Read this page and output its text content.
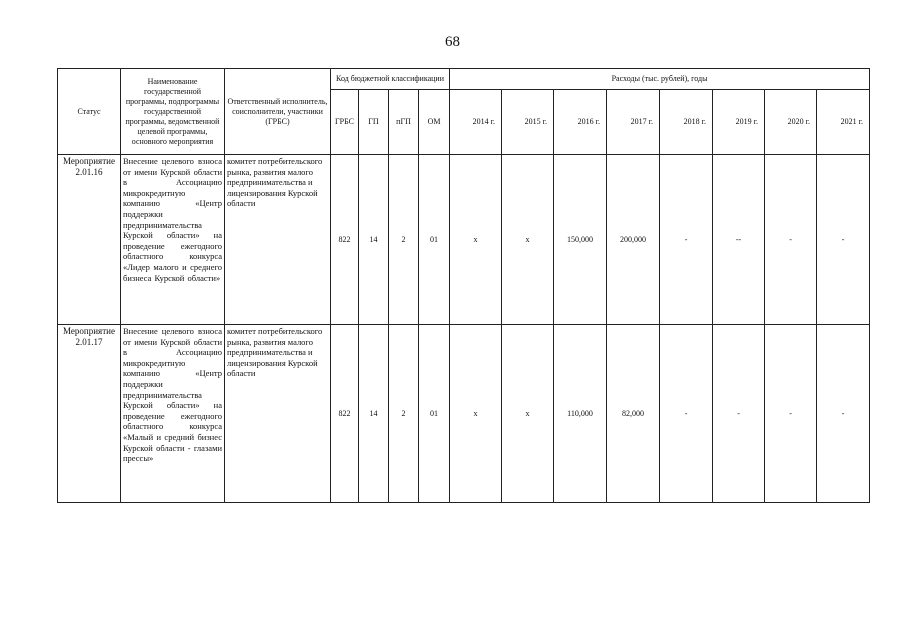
68
Статус	Наименование государственной программы, подпрограммы государственной программы, ведомственной целевой программы, основного мероприятия	Ответственный исполнитель, соисполнители, участники (ГРБС)	Код бюджетной классификации				Расходы (тыс. рублей), годы							
			ГРБС	ГП	пГП	ОМ	2014 г.	2015 г.	2016 г.	2017 г.	2018 г.	2019 г.	2020 г.	2021 г.
Мероприятие 2.01.16	Внесение целевого взноса от имени Курской области в Ассоциацию микрокредитную компанию «Центр поддержки предпринимательства Курской области» на проведение ежегодного областного конкурса «Лидер малого и среднего бизнеса Курской области»	комитет потребительского рынка, развития малого предпринимательства и лицензирования Курской области	822	14	2	01	х	х	150,000	200,000	-	--	-	-
Мероприятие 2.01.17	Внесение целевого взноса от имени Курской области в Ассоциацию микрокредитную компанию «Центр поддержки предпринимательства Курской области» на проведение ежегодного областного конкурса «Малый и средний бизнес Курской области - глазами прессы»	комитет потребительского рынка, развития малого предпринимательства и лицензирования Курской области	822	14	2	01	х	х	110,000	82,000	-	-	-	-
